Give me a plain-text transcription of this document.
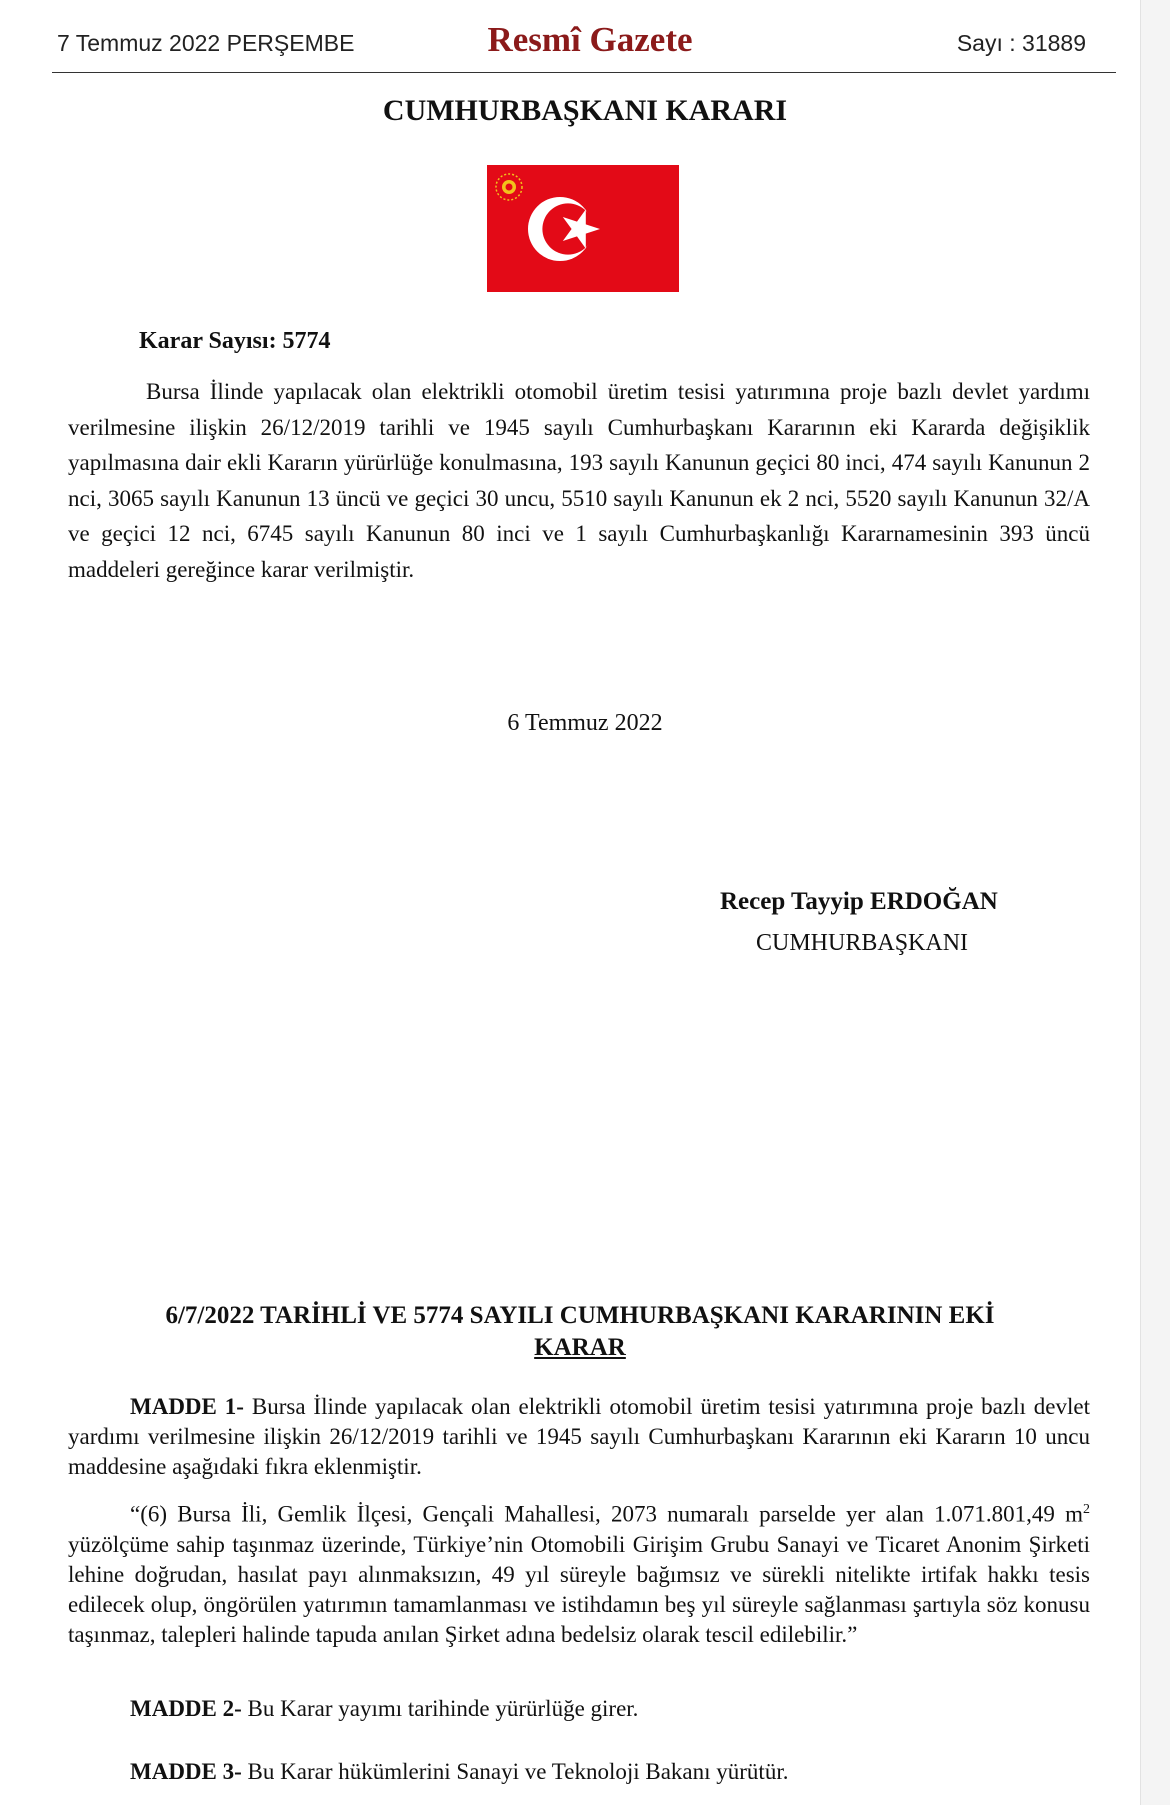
7 Temmuz 2022 PERŞEMBE	Resmî Gazete	Sayı : 31889
CUMHURBAŞKANI KARARI
Karar Sayısı: 5774
Bursa İlinde yapılacak olan elektrikli otomobil üretim tesisi yatırımına proje bazlı devlet yardımı verilmesine ilişkin 26/12/2019 tarihli ve 1945 sayılı Cumhurbaşkanı Kararının eki Kararda değişiklik yapılmasına dair ekli Kararın yürürlüğe konulmasına, 193 sayılı Kanunun geçici 80 inci, 474 sayılı Kanunun 2 nci, 3065 sayılı Kanunun 13 üncü ve geçici 30 uncu, 5510 sayılı Kanunun ek 2 nci, 5520 sayılı Kanunun 32/A ve geçici 12 nci, 6745 sayılı Kanunun 80 inci ve 1 sayılı Cumhurbaşkanlığı Kararnamesinin 393 üncü maddeleri gereğince karar verilmiştir.
6 Temmuz 2022
Recep Tayyip ERDOĞAN
CUMHURBAŞKANI
6/7/2022 TARİHLİ VE 5774 SAYILI CUMHURBAŞKANI KARARININ EKİ
KARAR
MADDE 1- Bursa İlinde yapılacak olan elektrikli otomobil üretim tesisi yatırımına proje bazlı devlet yardımı verilmesine ilişkin 26/12/2019 tarihli ve 1945 sayılı Cumhurbaşkanı Kararının eki Kararın 10 uncu maddesine aşağıdaki fıkra eklenmiştir.
“(6) Bursa İli, Gemlik İlçesi, Gençali Mahallesi, 2073 numaralı parselde yer alan 1.071.801,49 $m^2$ yüzölçüme sahip taşınmaz üzerinde, Türkiye’nin Otomobili Girişim Grubu Sanayi ve Ticaret Anonim Şirketi lehine doğrudan, hasılat payı alınmaksızın, 49 yıl süreyle bağımsız ve sürekli nitelikte irtifak hakkı tesis edilecek olup, öngörülen yatırımın tamamlanması ve istihdamın beş yıl süreyle sağlanması şartıyla söz konusu taşınmaz, talepleri halinde tapuda anılan Şirket adına bedelsiz olarak tescil edilebilir.”
MADDE 2- Bu Karar yayımı tarihinde yürürlüğe girer.
MADDE 3- Bu Karar hükümlerini Sanayi ve Teknoloji Bakanı yürütür.
